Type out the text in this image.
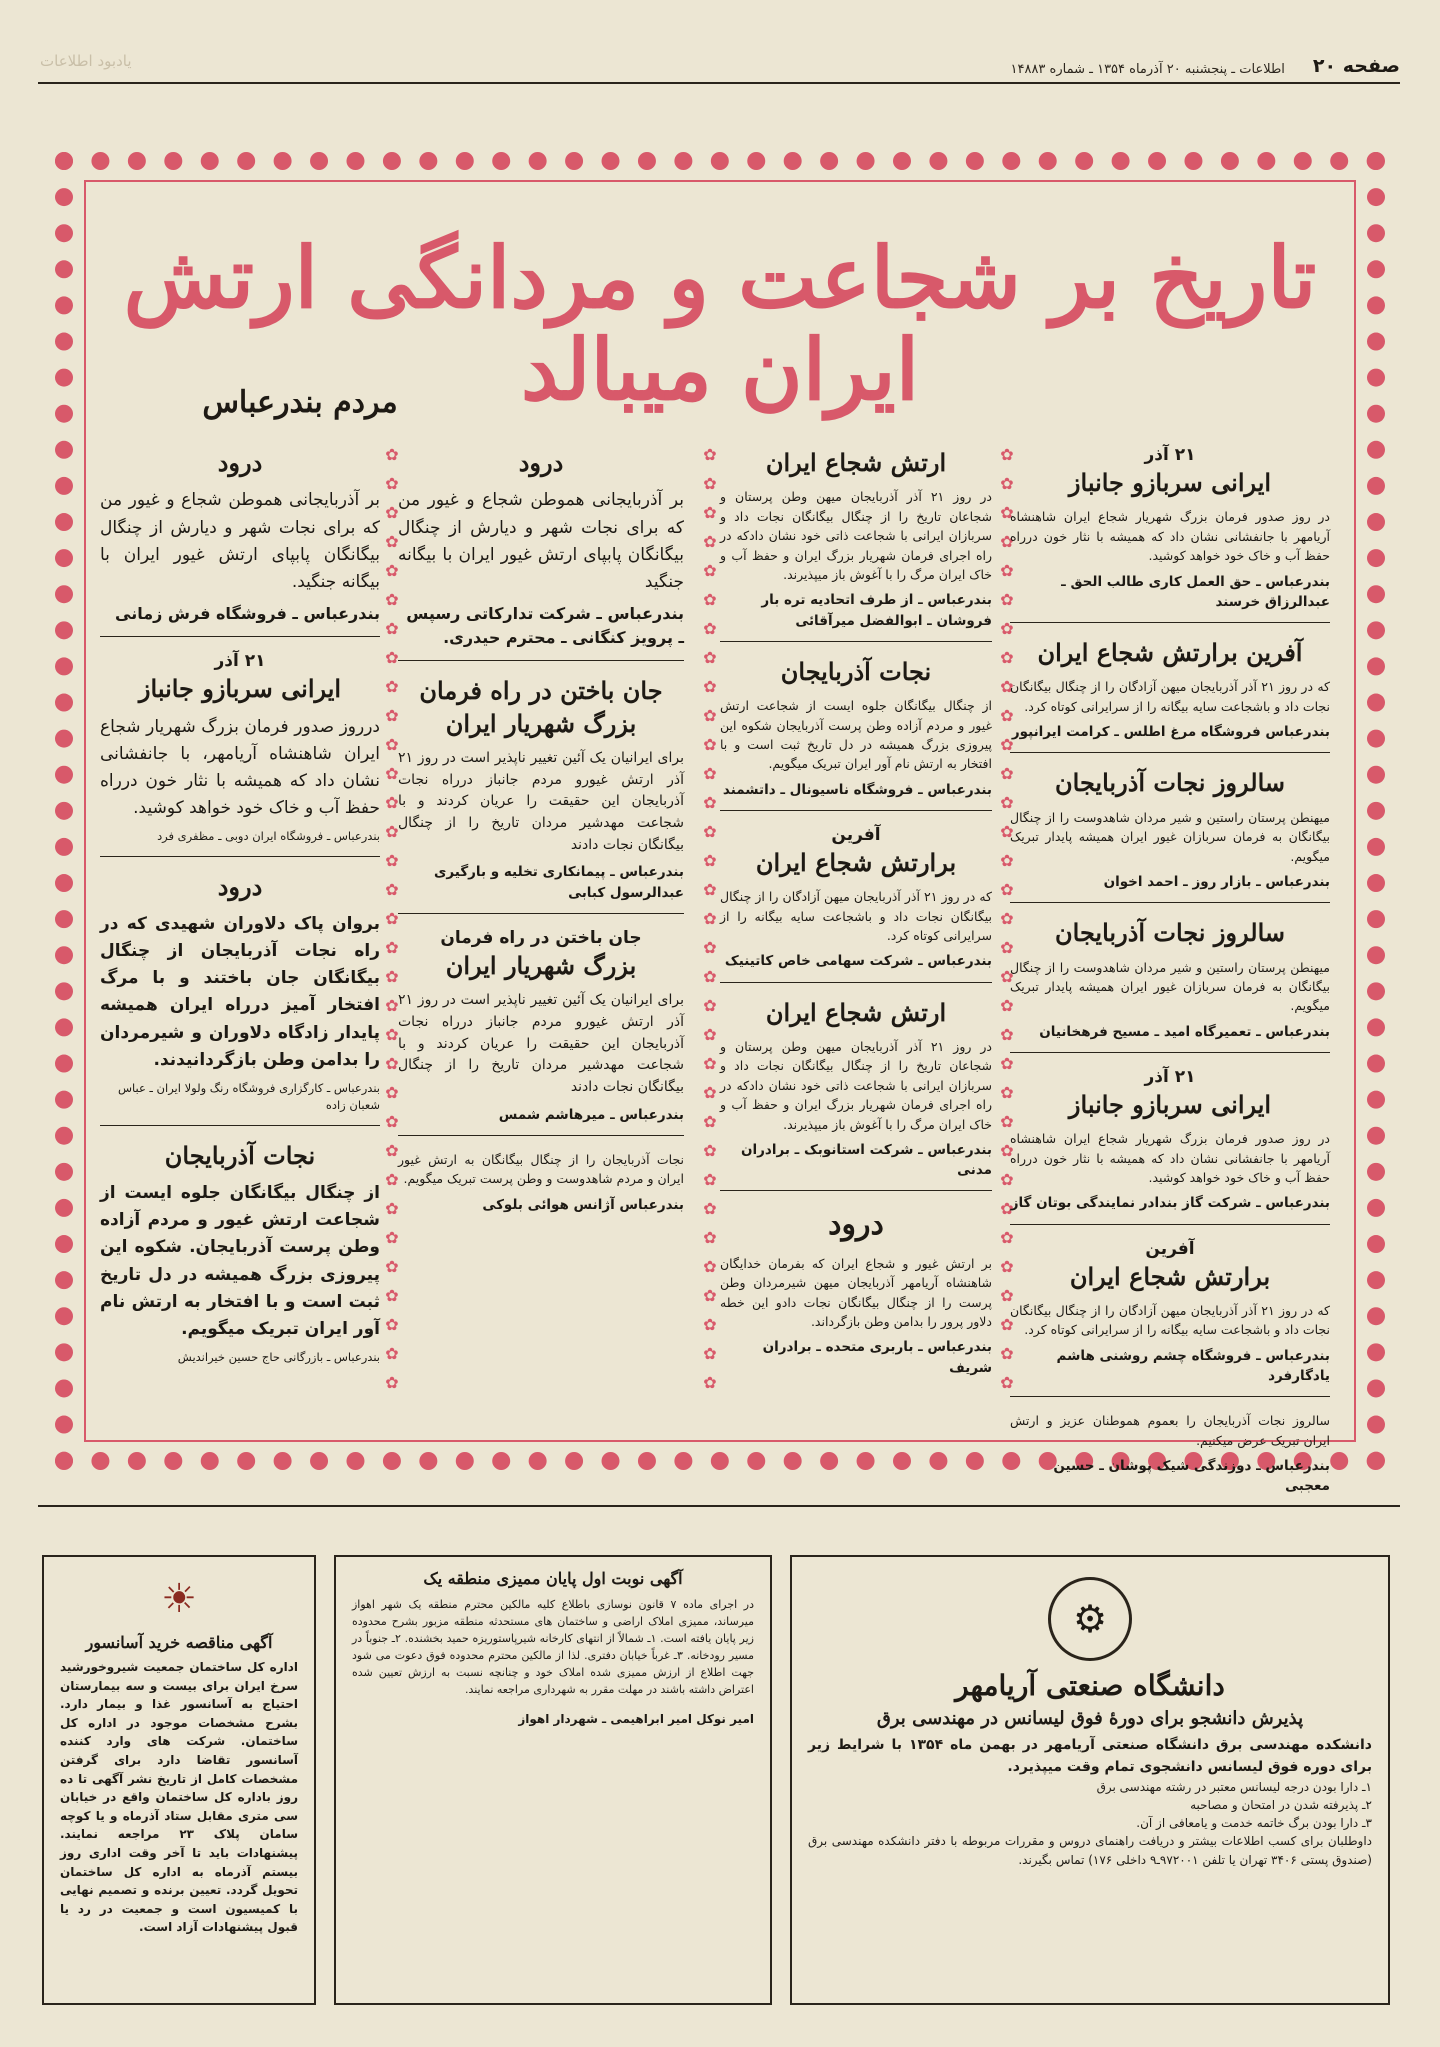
یادبود اطلاعات	صفحه ۲۰
اطلاعات ـ پنجشنبه ۲۰ آذرماه ۱۳۵۴ ـ شماره ۱۴۸۸۳
تاریخ بر شجاعت و مردانگی ارتش ایران میبالد
مردم بندرعباس
✿
✿
✿
✿
✿
✿
✿
✿
✿
✿
✿
✿
✿
✿
✿
✿
✿
✿
✿
✿
✿
✿
✿
✿
✿
✿
✿
✿
✿
✿
✿
✿
✿
✿
✿
✿
✿
✿
✿
✿
✿
✿
✿
✿
✿
✿
✿
✿
✿
✿
✿
✿
✿
✿
✿
✿
✿
✿
✿
✿
✿
✿
✿
✿
✿
✿
✿
✿
✿
✿
✿
✿
✿
✿
✿
✿
✿
✿
✿
✿
✿
✿
✿
✿
✿
✿
✿
✿
✿
✿
✿
✿
✿
✿
✿
✿
✿
✿
✿
۲۱ آذر
ایرانی سربازو جانباز

در روز صدور فرمان بزرگ شهریار شجاع ایران شاهنشاه آریامهر با جانفشانی نشان داد که همیشه با نثار خون درراه حفظ آب و خاک خود خواهد کوشید.

بندرعباس ـ حق العمل کاری طالب الحق ـ عبدالرزاق خرسند
آفرین برارتش شجاع ایران

که در روز ۲۱ آذر آذربایجان میهن آزادگان را از چنگال بیگانگان نجات داد و باشجاعت سایه بیگانه را از سرایرانی کوتاه کرد.

بندرعباس فروشگاه مرغ اطلس ـ کرامت ایرانپور
سالروز نجات آذربایجان

میهنطن پرستان راستین و شیر مردان شاهدوست را از چنگال بیگانگان به فرمان سربازان غیور ایران همیشه پایدار تبریک میگویم.

بندرعباس ـ بازار روز ـ احمد اخوان
سالروز نجات آذربایجان

میهنطن پرستان راستین و شیر مردان شاهدوست را از چنگال بیگانگان به فرمان سربازان غیور ایران همیشه پایدار تبریک میگویم.

بندرعباس ـ تعمیرگاه امید ـ مسیح فرهخانیان
۲۱ آذر
ایرانی سربازو جانباز

در روز صدور فرمان بزرگ شهریار شجاع ایران شاهنشاه آریامهر با جانفشانی نشان داد که همیشه با نثار خون درراه حفظ آب و خاک خود خواهد کوشید.

بندرعباس ـ شرکت گاز بندادر نمایندگی بوتان گاز
آفرین
برارتش شجاع ایران

که در روز ۲۱ آذر آذربایجان میهن آزادگان را از چنگال بیگانگان نجات داد و باشجاعت سایه بیگانه را از سرایرانی کوتاه کرد.

بندرعباس ـ فروشگاه چشم روشنی هاشم یادگارفرد

سالروز نجات آذربایجان را بعموم هموطنان عزیز و ارتش ایران تبریک عرض میکنیم.

بندرعباس ـ دوزندگی شیک پوشان ـ حسین معجبی
ارتش شجاع ایران

در روز ۲۱ آذر آذربایجان میهن وطن پرستان و شجاعان تاریخ را از چنگال بیگانگان نجات داد و سربازان ایرانی با شجاعت ذاتی خود نشان دادکه در راه اجرای فرمان شهریار بزرگ ایران و حفظ آب و خاک ایران مرگ را با آغوش باز میپذیرند.

بندرعباس ـ از طرف اتحادیه تره بار فروشان ـ ابوالفضل میرآقائی
نجات آذربایجان

از چنگال بیگانگان جلوه ایست از شجاعت ارتش غیور و مردم آزاده وطن پرست آذربایجان شکوه این پیروزی بزرگ همیشه در دل تاریخ ثبت است و با افتخار به ارتش نام آور ایران تبریک میگویم.

بندرعباس ـ فروشگاه ناسیونال ـ داتشمند
آفرین
برارتش شجاع ایران

که در روز ۲۱ آذر آذربایجان میهن آزادگان را از چنگال بیگانگان نجات داد و باشجاعت سایه بیگانه را از سرایرانی کوتاه کرد.

بندرعباس ـ شرکت سهامی خاص کاتینیک
ارتش شجاع ایران

در روز ۲۱ آذر آذربایجان میهن وطن پرستان و شجاعان تاریخ را از چنگال بیگانگان نجات داد و سربازان ایرانی با شجاعت ذاتی خود نشان دادکه در راه اجرای فرمان شهریار بزرگ ایران و حفظ آب و خاک ایران مرگ را با آغوش باز میپذیرند.

بندرعباس ـ شرکت استانوبک ـ برادران مدنی
درود

بر ارتش غیور و شجاع ایران که بفرمان خدایگان شاهنشاه آریامهر آذربایجان میهن شیرمردان وطن پرست را از چنگال بیگانگان نجات دادو این خطه دلاور پرور را بدامن وطن بازگرداند.

بندرعباس ـ باربری متحده ـ برادران شریف
درود

بر آذربایجانی هموطن شجاع و غیور من که برای نجات شهر و دیارش از چنگال بیگانگان پابپای ارتش غیور ایران با بیگانه جنگید

بندرعباس ـ شرکت تدارکاتی رسپس ـ پرویز کنگانی ـ محترم حیدری.
جان باختن در راه فرمان بزرگ شهریار ایران

برای ایرانیان یک آئین تغییر ناپذیر است در روز ۲۱ آذر ارتش غیورو مردم جانباز درراه نجات آذربایجان این حقیقت را عریان کردند و با شجاعت مهدشیر مردان تاریخ را از چنگال بیگانگان نجات دادند

بندرعباس ـ پیمانکاری تخلیه و بارگیری عبدالرسول کبابی
جان باختن در راه فرمان
بزرگ شهریار ایران

برای ایرانیان یک آئین تغییر ناپذیر است در روز ۲۱ آذر ارتش غیورو مردم جانباز درراه نجات آذربایجان این حقیقت را عریان کردند و با شجاعت مهدشیر مردان تاریخ را از چنگال بیگانگان نجات دادند

بندرعباس ـ میرهاشم شمس

نجات آذربایجان را از چنگال بیگانگان به ارتش غیور ایران و مردم شاهدوست و وطن پرست تبریک میگویم.

بندرعباس آژانس هوائی بلوکی
درود

بر آذربایجانی هموطن شجاع و غیور من که برای نجات شهر و دیارش از چنگال بیگانگان پابپای ارتش غیور ایران با بیگانه جنگید.

بندرعباس ـ فروشگاه فرش زمانی
۲۱ آذر
ایرانی سربازو جانباز

درروز صدور فرمان بزرگ شهریار شجاع ایران شاهنشاه آریامهر، با جانفشانی نشان داد که همیشه با نثار خون درراه حفظ آب و خاک خود خواهد کوشید.

بندرعباس ـ فروشگاه ایران دوبی ـ مظفری فرد
درود

بروان پاک دلاوران شهیدی که در راه نجات آذربایجان از چنگال بیگانگان جان باختند و با مرگ افتخار آمیز درراه ایران همیشه پایدار زادگاه دلاوران و شیرمردان را بدامن وطن بازگردانیدند.

بندرعباس ـ کارگزاری فروشگاه رنگ ولولا ایران ـ عباس شعبان زاده
نجات آذربایجان

از چنگال بیگانگان جلوه ایست از شجاعت ارتش غیور و مردم آزاده وطن پرست آذربایجان. شکوه این پیروزی بزرگ همیشه در دل تاریخ ثبت است و با افتخار به ارتش نام آور ایران تبریک میگویم.

بندرعباس ـ بازرگانی حاج حسین خیراندیش
⚙
دانشگاه صنعتی آریامهر
پذیرش دانشجو برای دورهٔ فوق لیسانس در مهندسی برق

دانشکده مهندسی برق دانشگاه صنعتی آریامهر در بهمن ماه ۱۳۵۴ با شرایط زیر برای دوره فوق لیسانس دانشجوی تمام وقت میپذیرد.

۱ـ دارا بودن درجه لیسانس معتبر در رشته مهندسی برق
۲ـ پذیرفته شدن در امتحان و مصاحبه
۳ـ دارا بودن برگ خاتمه خدمت و یامعافی از آن.

داوطلبان برای کسب اطلاعات بیشتر و دریافت راهنمای دروس و مقررات مربوطه با دفتر دانشکده مهندسی برق (صندوق پستی ۳۴۰۶ تهران یا تلفن ۹۷۲۰۰۱ـ۹ داخلی ۱۷۶) تماس بگیرند.

آگهی نوبت اول پایان ممیزی منطقه یک

در اجرای ماده ۷ قانون نوسازی باطلاع کلیه مالکین محترم منطقه یک شهر اهواز میرساند، ممیزی املاک اراضی و ساختمان های مستحدثه منطقه مزبور بشرح محدوده زیر پایان یافته است. ۱ـ شمالاً از انتهای کارخانه شیرپاستوریزه حمید بخشنده. ۲ـ جنوباً در مسیر رودخانه. ۳ـ غرباً خیابان دفتری. لذا از مالکین محترم محدوده فوق دعوت می شود جهت اطلاع از ارزش ممیزی شده املاک خود و چنانچه نسبت به ارزش تعیین شده اعتراض داشته باشند در مهلت مقرر به شهرداری مراجعه نمایند.

امیر نوکل امیر ابراهیمی ـ شهردار اهواز
☀
آگهی مناقصه خرید آسانسور

اداره کل ساختمان جمعیت شیروخورشید سرخ ایران برای بیست و سه بیمارستان احتیاج به آسانسور غذا و بیمار دارد. بشرح مشخصات موجود در اداره کل ساختمان. شرکت های وارد کننده آسانسور تقاضا دارد برای گرفتن مشخصات کامل از تاریخ نشر آگهی تا ده روز باداره کل ساختمان واقع در خیابان سی متری مقابل ستاد آذرماه و یا کوچه سامان پلاک ۲۳ مراجعه نمایند. پیشنهادات باید تا آخر وقت اداری روز بیستم آذرماه به اداره کل ساختمان تحویل گردد. تعیین برنده و تصمیم نهایی با کمیسیون است و جمعیت در رد یا قبول پیشنهادات آزاد است.
